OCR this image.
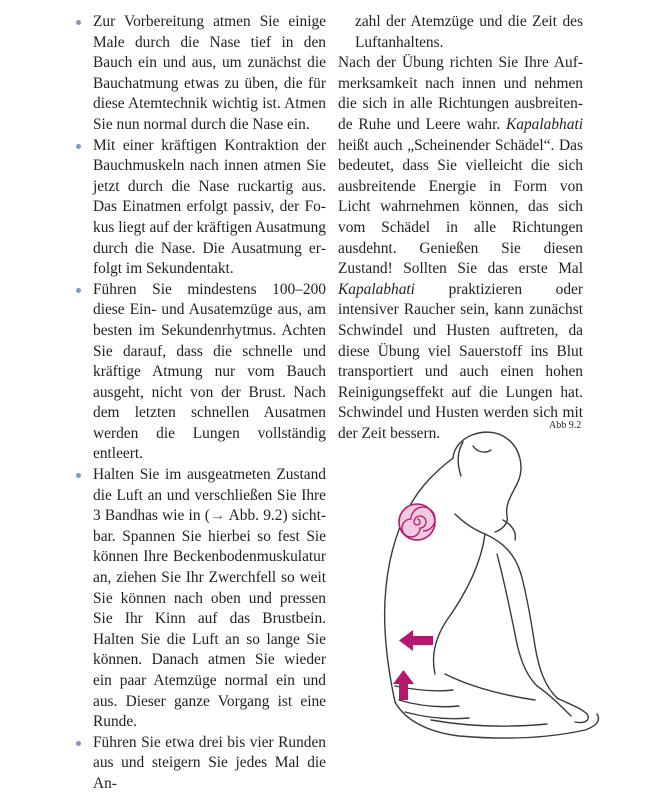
Zur Vorbereitung atmen Sie einige Male durch die Nase tief in den Bauch ein und aus, um zunächst die Bauchatmung etwas zu üben, die für diese Atemtechnik wichtig ist. Atmen Sie nun normal durch die Nase ein.
Mit einer kräftigen Kontraktion der Bauchmuskeln nach innen atmen Sie jetzt durch die Nase ruckartig aus. Das Einatmen erfolgt passiv, der Fokus liegt auf der kräftigen Ausatmung durch die Nase. Die Ausatmung erfolgt im Sekundentakt.
Führen Sie mindestens 100–200 diese Ein- und Ausatemzüge aus, am besten im Sekundenrhytmus. Achten Sie darauf, dass die schnelle und kräftige Atmung nur vom Bauch ausgeht, nicht von der Brust. Nach dem letzten schnellen Ausatmen werden die Lungen vollständig entleert.
Halten Sie im ausgeatmeten Zustand die Luft an und verschließen Sie Ihre 3 Bandhas wie in (→ Abb. 9.2) sichtbar. Spannen Sie hierbei so fest Sie können Ihre Beckenbodenmuskulatur an, ziehen Sie Ihr Zwerchfell so weit Sie können nach oben und pressen Sie Ihr Kinn auf das Brustbein. Halten Sie die Luft an so lange Sie können. Danach atmen Sie wieder ein paar Atemzüge normal ein und aus. Dieser ganze Vorgang ist eine Runde.
Führen Sie etwa drei bis vier Runden aus und steigern Sie jedes Mal die An-
zahl der Atemzüge und die Zeit des Luftanhaltens.
Nach der Übung richten Sie Ihre Aufmerksamkeit nach innen und nehmen die sich in alle Richtungen ausbreitende Ruhe und Leere wahr. Kapalabhati heißt auch „Scheinender Schädel“. Das bedeutet, dass Sie vielleicht die sich ausbreitende Energie in Form von Licht wahrnehmen können, das sich vom Schädel in alle Richtungen ausdehnt. Genießen Sie diesen Zustand! Sollten Sie das erste Mal Kapalabhati praktizieren oder intensiver Raucher sein, kann zunächst Schwindel und Husten auftreten, da diese Übung viel Sauerstoff ins Blut transportiert und auch einen hohen Reinigungseffekt auf die Lungen hat. Schwindel und Husten werden sich mit der Zeit bessern.	Abb 9.2
